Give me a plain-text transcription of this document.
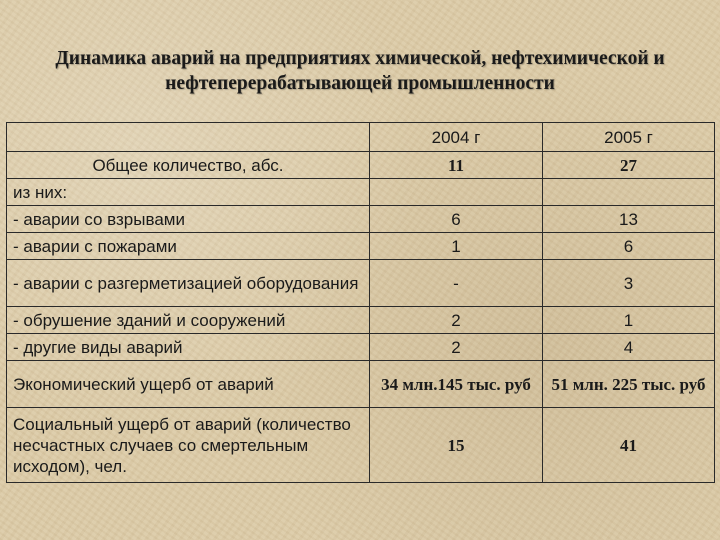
Динамика аварий на предприятиях химической, нефтехимической и
нефтеперерабатывающей промышленности
	2004 г	2005 г
Общее количество, абс.	11	27
из них:		
- аварии со взрывами	6	13
- аварии с пожарами	1	6
- аварии с разгерметизацией оборудования	-	3
- обрушение зданий и сооружений	2	1
- другие виды аварий	2	4
Экономический ущерб от аварий	34 млн.145 тыс. руб	51 млн. 225 тыс. руб
Социальный ущерб от аварий (количество несчастных случаев со смертельным исходом), чел.	15	41
